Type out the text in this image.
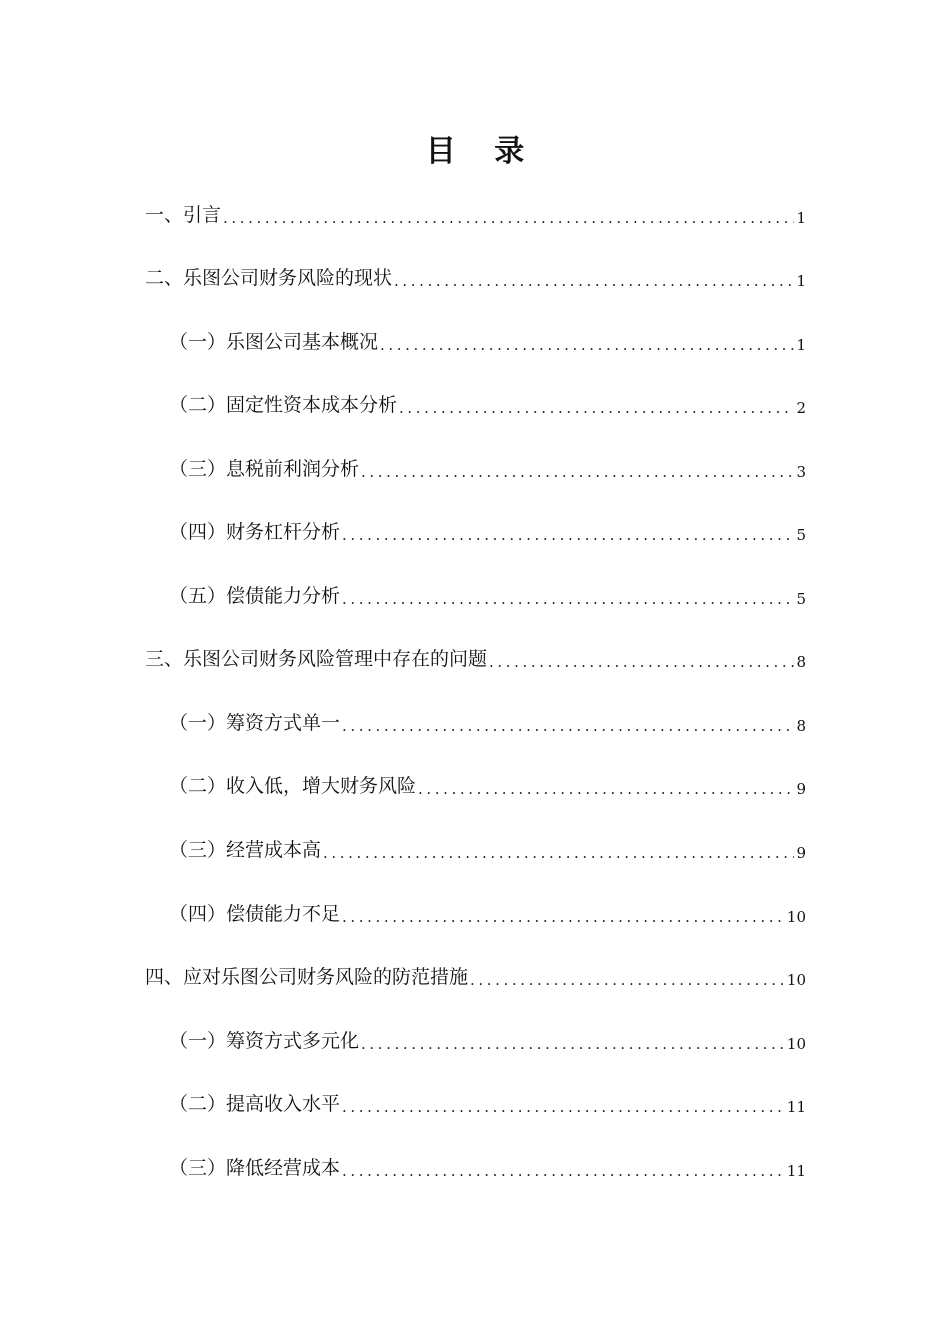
目 录
一、引言 .....	1
二、乐图公司财务风险的现状 .....	1
（一）乐图公司基本概况 .....	1
（二）固定性资本成本分析 .....	2
（三）息税前利润分析 .....	3
（四）财务杠杆分析 .....	5
（五）偿债能力分析 .....	5
三、乐图公司财务风险管理中存在的问题 .....	8
（一）筹资方式单一 .....	8
（二）收入低，增大财务风险 .....	9
（三）经营成本高 .....	9
（四）偿债能力不足 .....	10
四、应对乐图公司财务风险的防范措施 .....	10
（一）筹资方式多元化 .....	10
（二）提高收入水平 .....	11
（三）降低经营成本 .....	11
